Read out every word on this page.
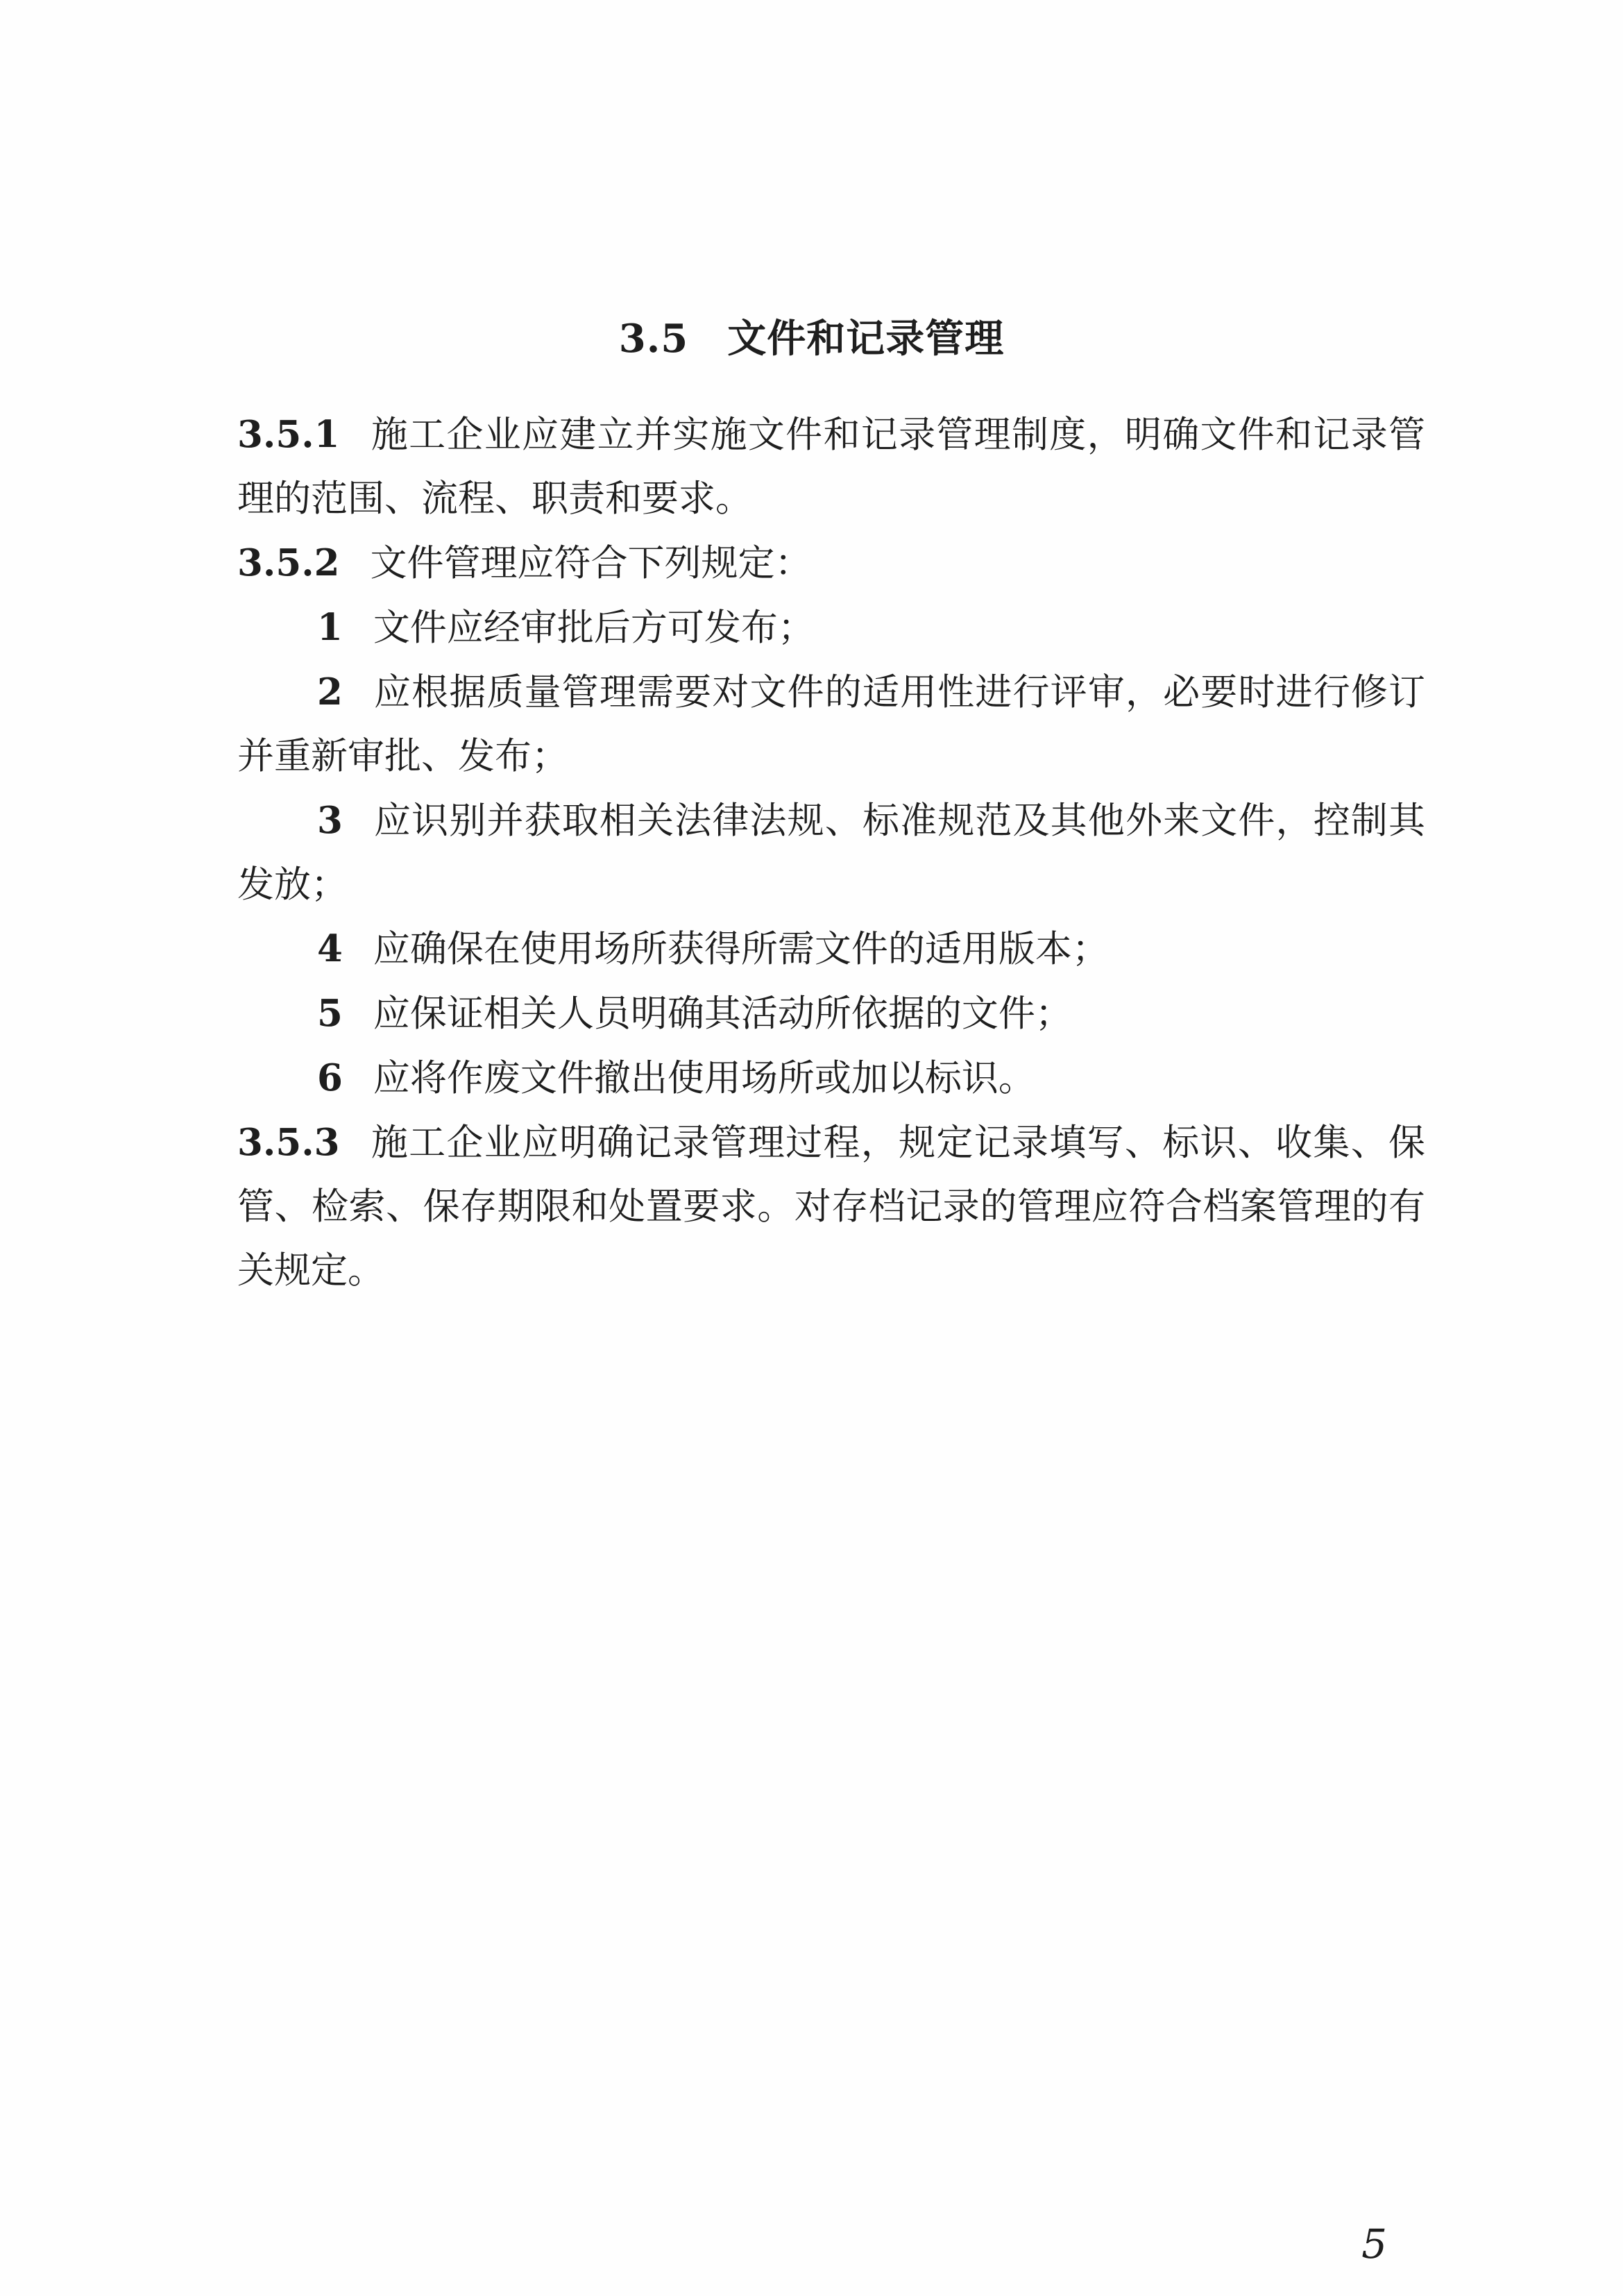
3.5 文件和记录管理

3.5.1 施工企业应建立并实施文件和记录管理制度，明确文件和记录管理的范围、流程、职责和要求。

3.5.2 文件管理应符合下列规定：

1 文件应经审批后方可发布；

2 应根据质量管理需要对文件的适用性进行评审，必要时进行修订并重新审批、发布；

3 应识别并获取相关法律法规、标准规范及其他外来文件，控制其发放；

4 应确保在使用场所获得所需文件的适用版本；

5 应保证相关人员明确其活动所依据的文件；

6 应将作废文件撤出使用场所或加以标识。

3.5.3 施工企业应明确记录管理过程，规定记录填写、标识、收集、保管、检索、保存期限和处置要求。对存档记录的管理应符合档案管理的有关规定。

5
